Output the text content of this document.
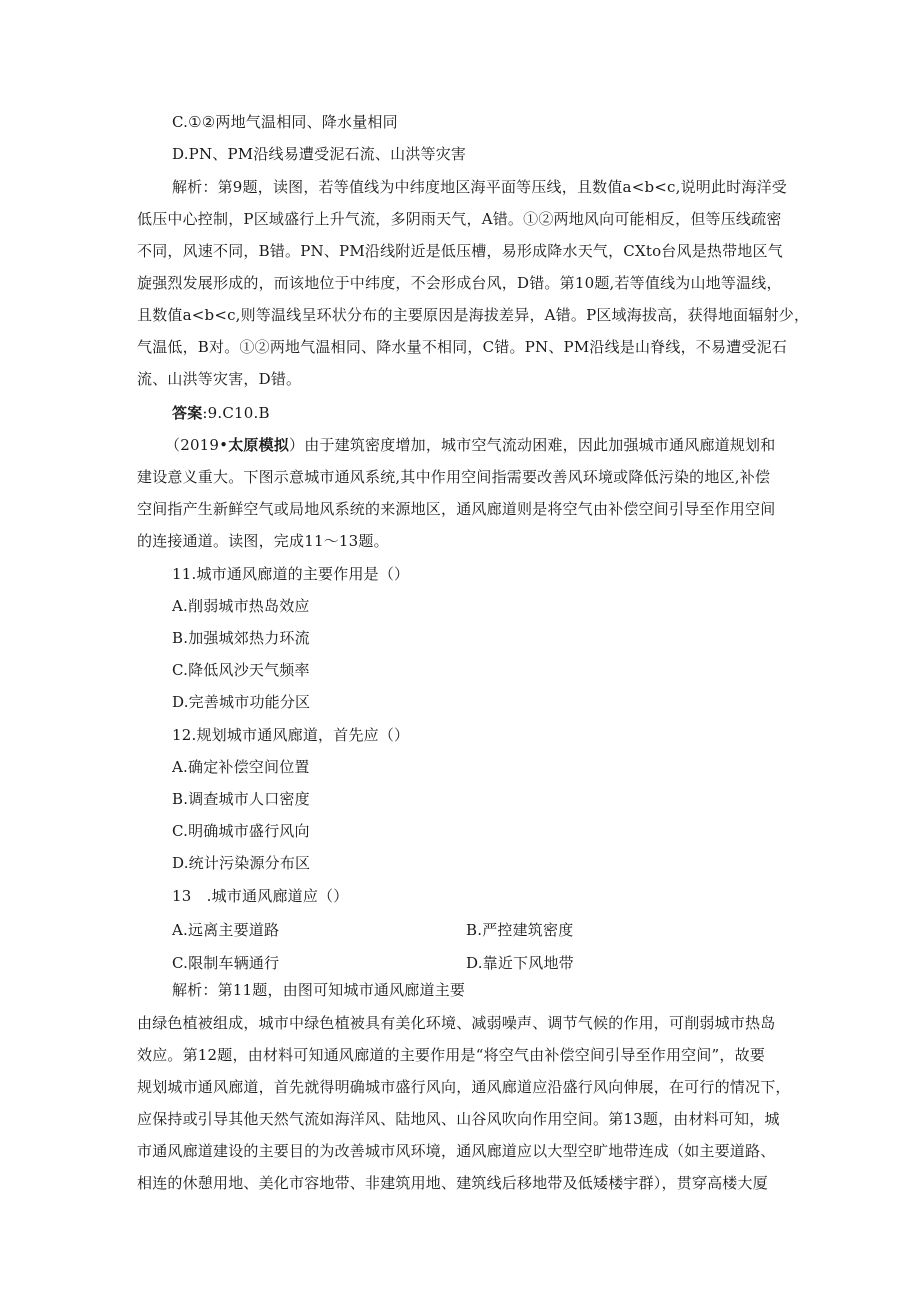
C.①②两地气温相同、降水量相同
D.PN、PM沿线易遭受泥石流、山洪等灾害
解析：第9题，读图，若等值线为中纬度地区海平面等压线，且数值a<b<c,说明此时海洋受
低压中心控制，P区域盛行上升气流，多阴雨天气，A错。①②两地风向可能相反，但等压线疏密
不同，风速不同，B错。PN、PM沿线附近是低压槽，易形成降水天气，CXto台风是热带地区气
旋强烈发展形成的，而该地位于中纬度，不会形成台风，D错。第10题,若等值线为山地等温线，
且数值a<b<c,则等温线呈环状分布的主要原因是海拔差异，A错。P区域海拔高，获得地面辐射少，
气温低，B对。①②两地气温相同、降水量不相同，C错。PN、PM沿线是山脊线，不易遭受泥石
流、山洪等灾害，D错。
答案:9.C10.B
（2019•太原模拟）由于建筑密度增加，城市空气流动困难，因此加强城市通风廊道规划和
建设意义重大。下图示意城市通风系统,其中作用空间指需要改善风环境或降低污染的地区,补偿
空间指产生新鲜空气或局地风系统的来源地区，通风廊道则是将空气由补偿空间引导至作用空间
的连接通道。读图，完成11～13题。
11.城市通风廊道的主要作用是（）
A.削弱城市热岛效应
B.加强城郊热力环流
C.降低风沙天气频率
D.完善城市功能分区
12.规划城市通风廊道，首先应（）
A.确定补偿空间位置
B.调查城市人口密度
C.明确城市盛行风向
D.统计污染源分布区
13　.城市通风廊道应（）
A.远离主要道路	B.严控建筑密度
C.限制车辆通行	D.靠近下风地带
解析：第11题，由图可知城市通风廊道主要
由绿色植被组成，城市中绿色植被具有美化环境、减弱噪声、调节气候的作用，可削弱城市热岛
效应。第12题，由材料可知通风廊道的主要作用是“将空气由补偿空间引导至作用空间”，故要
规划城市通风廊道，首先就得明确城市盛行风向，通风廊道应沿盛行风向伸展，在可行的情况下，
应保持或引导其他天然气流如海洋风、陆地风、山谷风吹向作用空间。第13题，由材料可知，城
市通风廊道建设的主要目的为改善城市风环境，通风廊道应以大型空旷地带连成（如主要道路、
相连的休憩用地、美化市容地带、非建筑用地、建筑线后移地带及低矮楼宇群），贯穿高楼大厦
